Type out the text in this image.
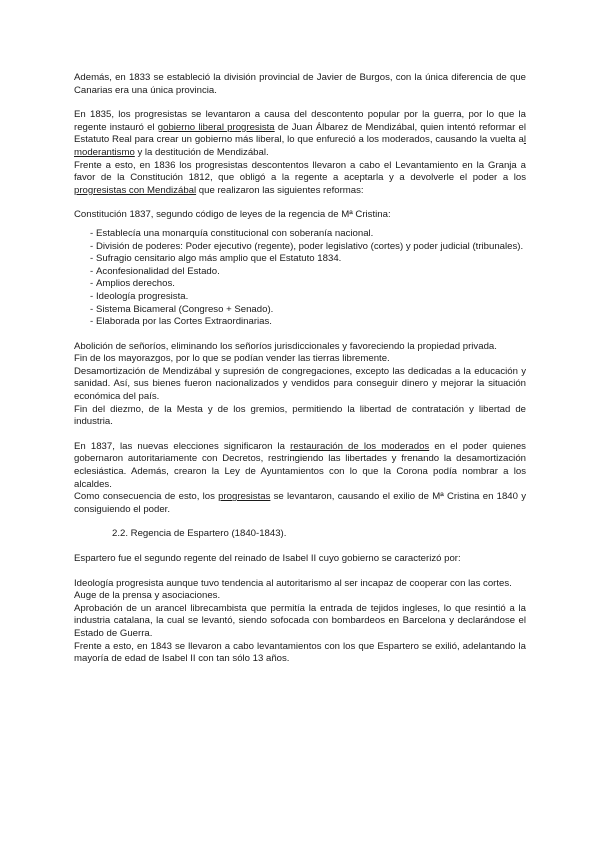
Además, en 1833 se estableció la división provincial de Javier de Burgos, con la única diferencia de que Canarias era una única provincia.

En 1835, los progresistas se levantaron a causa del descontento popular por la guerra, por lo que la regente instauró el gobierno liberal progresista de Juan Álbarez de Mendizábal, quien intentó reformar el Estatuto Real para crear un gobierno más liberal, lo que enfureció a los moderados, causando la vuelta al moderantismo y la destitución de Mendizábal.

Frente a esto, en 1836 los progresistas descontentos llevaron a cabo el Levantamiento en la Granja a favor de la Constitución 1812, que obligó a la regente a aceptarla y a devolverle el poder a los progresistas con Mendizábal que realizaron las siguientes reformas:

Constitución 1837, segundo código de leyes de la regencia de Mª Cristina:

- Establecía una monarquía constitucional con soberanía nacional.
- División de poderes: Poder ejecutivo (regente), poder legislativo (cortes) y poder judicial (tribunales).
- Sufragio censitario algo más amplio que el Estatuto 1834.
- Aconfesionalidad del Estado.
- Amplios derechos.
- Ideología progresista.
- Sistema Bicameral (Congreso + Senado).
- Elaborada por las Cortes Extraordinarias.

Abolición de señoríos, eliminando los señoríos jurisdiccionales y favoreciendo la propiedad privada.

Fin de los mayorazgos, por lo que se podían vender las tierras libremente.

Desamortización de Mendizábal y supresión de congregaciones, excepto las dedicadas a la educación y sanidad. Así, sus bienes fueron nacionalizados y vendidos para conseguir dinero y mejorar la situación económica del país.

Fin del diezmo, de la Mesta y de los gremios, permitiendo la libertad de contratación y libertad de industria.

En 1837, las nuevas elecciones significaron la restauración de los moderados en el poder quienes gobernaron autoritariamente con Decretos, restringiendo las libertades y frenando la desamortización eclesiástica. Además, crearon la Ley de Ayuntamientos con lo que la Corona podía nombrar a los alcaldes.

Como consecuencia de esto, los progresistas se levantaron, causando el exilio de Mª Cristina en 1840 y consiguiendo el poder.

2.2. Regencia de Espartero (1840-1843).

Espartero fue el segundo regente del reinado de Isabel II cuyo gobierno se caracterizó por:

Ideología progresista aunque tuvo tendencia al autoritarismo al ser incapaz de cooperar con las cortes.

Auge de la prensa y asociaciones.

Aprobación de un arancel librecambista que permitía la entrada de tejidos ingleses, lo que resintió a la industria catalana, la cual se levantó, siendo sofocada con bombardeos en Barcelona y declarándose el Estado de Guerra.

Frente a esto, en 1843 se llevaron a cabo levantamientos con los que Espartero se exilió, adelantando la mayoría de edad de Isabel II con tan sólo 13 años.
